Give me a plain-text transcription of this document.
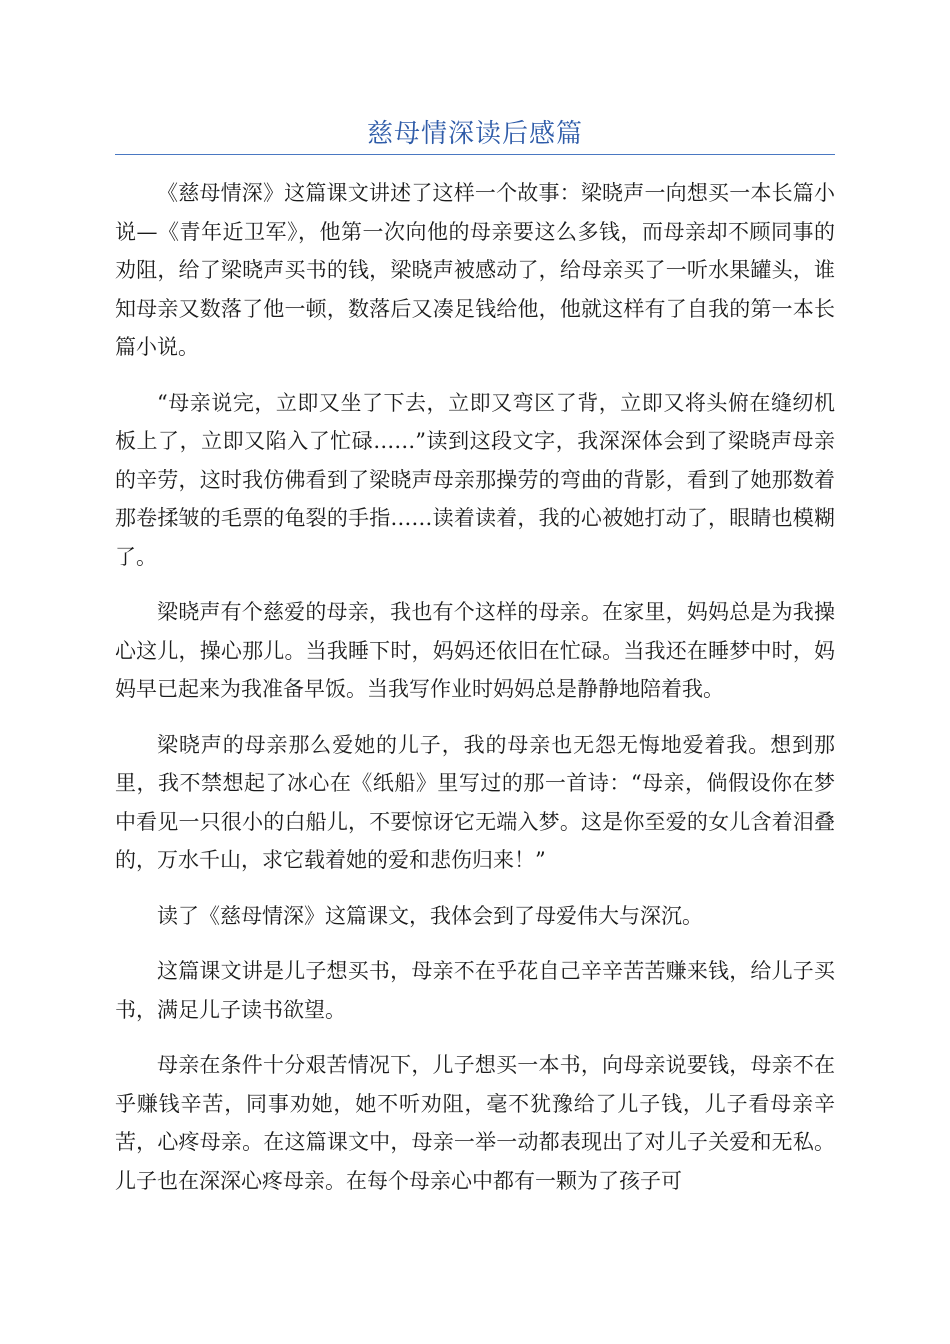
慈母情深读后感篇

《慈母情深》这篇课文讲述了这样一个故事：梁晓声一向想买一本长篇小说—《青年近卫军》，他第一次向他的母亲要这么多钱，而母亲却不顾同事的劝阻，给了梁晓声买书的钱，梁晓声被感动了，给母亲买了一听水果罐头，谁知母亲又数落了他一顿，数落后又凑足钱给他，他就这样有了自我的第一本长篇小说。

“母亲说完，立即又坐了下去，立即又弯区了背，立即又将头俯在缝纫机板上了，立即又陷入了忙碌……”读到这段文字，我深深体会到了梁晓声母亲的辛劳，这时我仿佛看到了梁晓声母亲那操劳的弯曲的背影，看到了她那数着那卷揉皱的毛票的龟裂的手指……读着读着，我的心被她打动了，眼睛也模糊了。

梁晓声有个慈爱的母亲，我也有个这样的母亲。在家里，妈妈总是为我操心这儿，操心那儿。当我睡下时，妈妈还依旧在忙碌。当我还在睡梦中时，妈妈早已起来为我准备早饭。当我写作业时妈妈总是静静地陪着我。

梁晓声的母亲那么爱她的儿子，我的母亲也无怨无悔地爱着我。想到那里，我不禁想起了冰心在《纸船》里写过的那一首诗：“母亲，倘假设你在梦中看见一只很小的白船儿，不要惊讶它无端入梦。这是你至爱的女儿含着泪叠的，万水千山，求它载着她的爱和悲伤归来！”

读了《慈母情深》这篇课文，我体会到了母爱伟大与深沉。

这篇课文讲是儿子想买书，母亲不在乎花自己辛辛苦苦赚来钱，给儿子买书，满足儿子读书欲望。

母亲在条件十分艰苦情况下，儿子想买一本书，向母亲说要钱，母亲不在乎赚钱辛苦，同事劝她，她不听劝阻，毫不犹豫给了儿子钱，儿子看母亲辛苦，心疼母亲。在这篇课文中，母亲一举一动都表现出了对儿子关爱和无私。儿子也在深深心疼母亲。在每个母亲心中都有一颗为了孩子可
